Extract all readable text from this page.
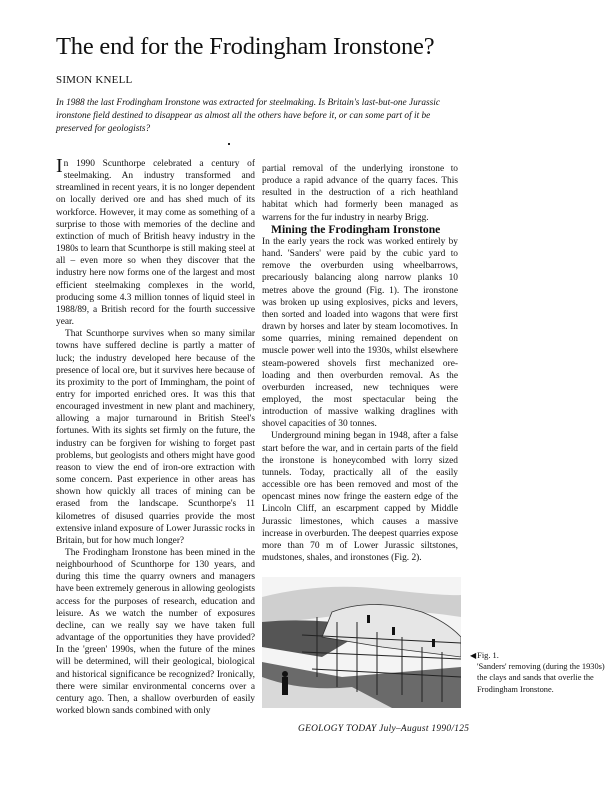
The end for the Frodingham Ironstone?
SIMON KNELL
In 1988 the last Frodingham Ironstone was extracted for steelmaking. Is Britain's last-but-one Jurassic ironstone field destined to disappear as almost all the others have before it, or can some part of it be preserved for geologists?

In 1990 Scunthorpe celebrated a century of steelmaking. An industry transformed and streamlined in recent years, it is no longer dependent on locally derived ore and has shed much of its workforce. However, it may come as something of a surprise to those with memories of the decline and extinction of much of British heavy industry in the 1980s to learn that Scunthorpe is still making steel at all – even more so when they discover that the industry here now forms one of the largest and most efficient steelmaking complexes in the world, producing some 4.3 million tonnes of liquid steel in 1988/89, a British record for the fourth successive year.

That Scunthorpe survives when so many similar towns have suffered decline is partly a matter of luck; the industry developed here because of the presence of local ore, but it survives here because of its proximity to the port of Immingham, the point of entry for imported enriched ores. It was this that encouraged investment in new plant and machinery, allowing a major turnaround in British Steel's fortunes. With its sights set firmly on the future, the industry can be forgiven for wishing to forget past problems, but geologists and others might have good reason to view the end of iron-ore extraction with some concern. Past experience in other areas has shown how quickly all traces of mining can be erased from the landscape. Scunthorpe's 11 kilometres of disused quarries provide the most extensive inland exposure of Lower Jurassic rocks in Britain, but for how much longer?

The Frodingham Ironstone has been mined in the neighbourhood of Scunthorpe for 130 years, and during this time the quarry owners and managers have been extremely generous in allowing geologists access for the purposes of research, education and leisure. As we watch the number of exposures decline, can we really say we have taken full advantage of the opportunities they have provided? In the 'green' 1990s, when the future of the mines will be determined, will their geological, biological and historical significance be recognized? Ironically, there were similar environmental concerns over a century ago. Then, a shallow overburden of easily worked blown sands combined with only

partial removal of the underlying ironstone to produce a rapid advance of the quarry faces. This resulted in the destruction of a rich heathland habitat which had formerly been managed as warrens for the fur industry in nearby Brigg.

Mining the Frodingham Ironstone

In the early years the rock was worked entirely by hand. 'Sanders' were paid by the cubic yard to remove the overburden using wheelbarrows, precariously balancing along narrow planks 10 metres above the ground (Fig. 1). The ironstone was broken up using explosives, picks and levers, then sorted and loaded into wagons that were first drawn by horses and later by steam locomotives. In some quarries, mining remained dependent on muscle power well into the 1930s, whilst elsewhere steam-powered shovels first mechanized ore-loading and then overburden removal. As the overburden increased, new techniques were employed, the most spectacular being the introduction of massive walking draglines with shovel capacities of 30 tonnes.

Underground mining began in 1948, after a false start before the war, and in certain parts of the field the ironstone is honeycombed with lorry sized tunnels. Today, practically all of the easily accessible ore has been removed and most of the opencast mines now fringe the eastern edge of the Lincoln Cliff, an escarpment capped by Middle Jurassic limestones, which causes a massive increase in overburden. The deepest quarries expose more than 70 m of Lower Jurassic siltstones, mudstones, shales, and ironstones (Fig. 2).

◀Fig. 1.
'Sanders' removing (during the 1930s) the clays and sands that overlie the Frodingham Ironstone.
GEOLOGY TODAY July–August 1990/125
